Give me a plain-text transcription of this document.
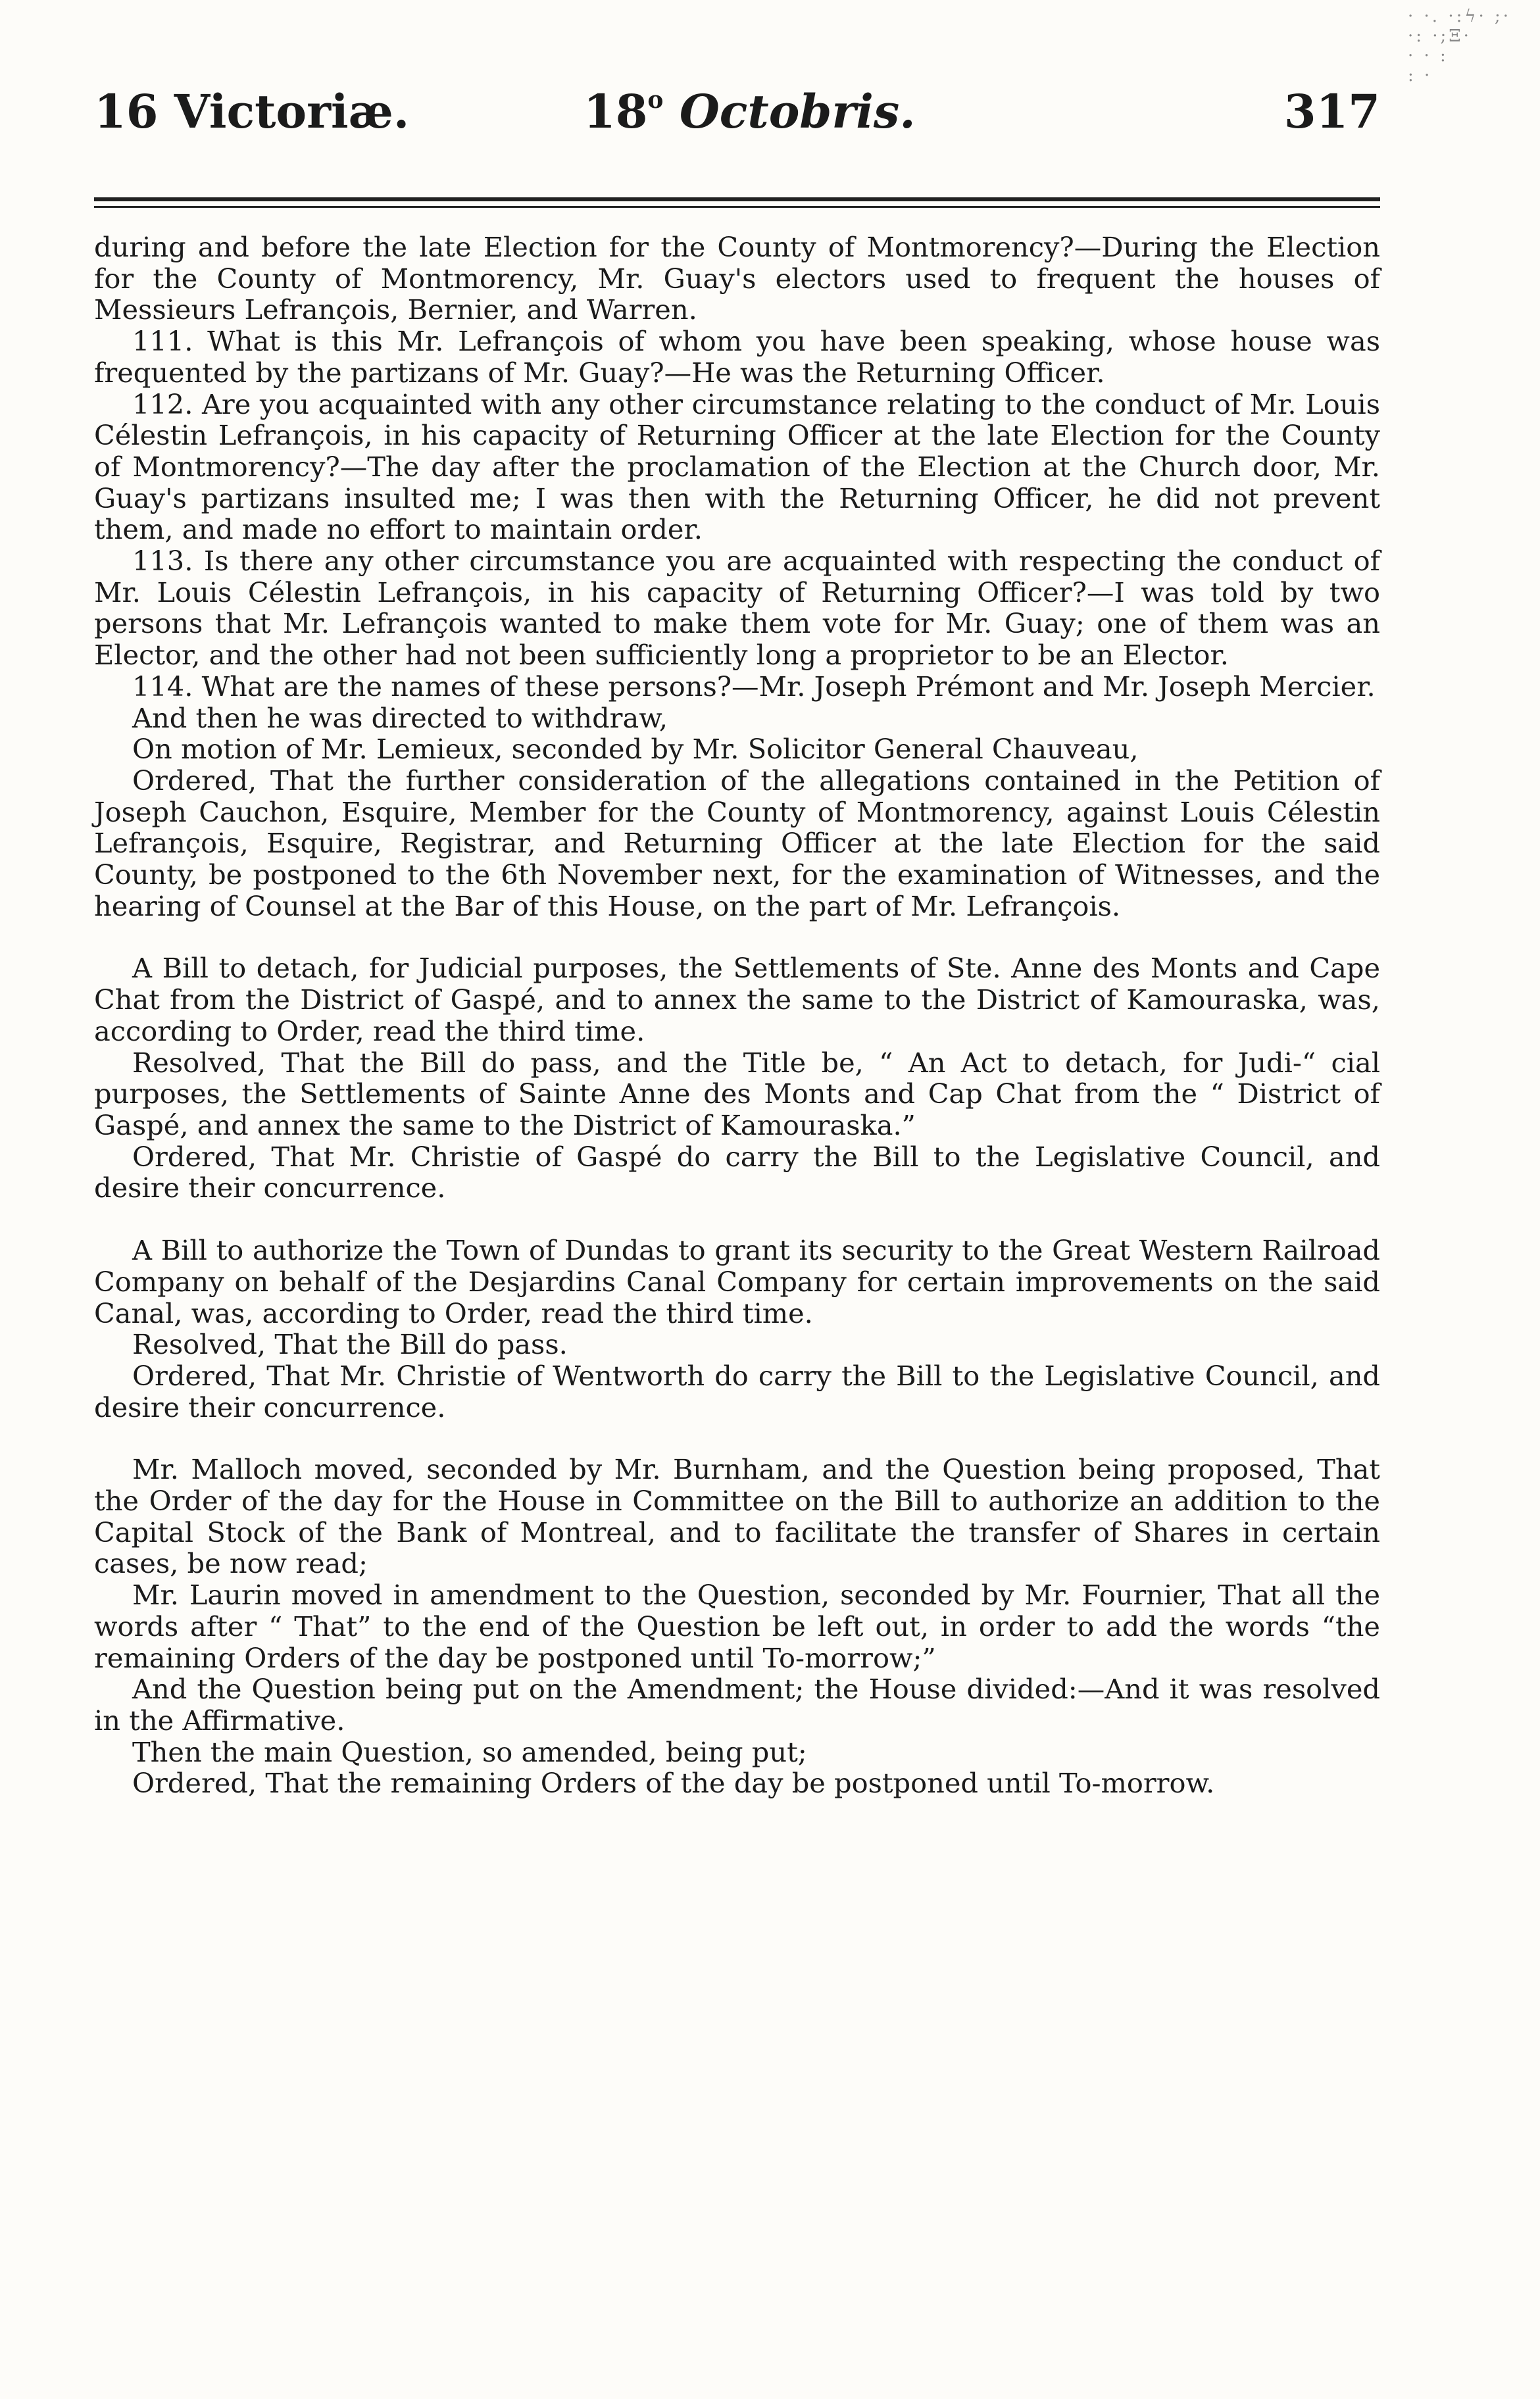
· ·. ·:ϟ· ;·
·: ·;Ξ·
· · :
: ·
16 Victoriæ.	18$^o$ Octobris.	317

during and before the late Election for the County of Montmorency?—During the Election for the County of Montmorency, Mr. Guay's electors used to frequent the houses of Messieurs Lefrançois, Bernier, and Warren.

111. What is this Mr. Lefrançois of whom you have been speaking, whose house was frequented by the partizans of Mr. Guay?—He was the Returning Officer.

112. Are you acquainted with any other circumstance relating to the conduct of Mr. Louis Célestin Lefrançois, in his capacity of Returning Officer at the late Election for the County of Montmorency?—The day after the proclamation of the Election at the Church door, Mr. Guay's partizans insulted me; I was then with the Returning Officer, he did not prevent them, and made no effort to maintain order.

113. Is there any other circumstance you are acquainted with respecting the conduct of Mr. Louis Célestin Lefrançois, in his capacity of Returning Officer?—I was told by two persons that Mr. Lefrançois wanted to make them vote for Mr. Guay; one of them was an Elector, and the other had not been sufficiently long a proprietor to be an Elector.

114. What are the names of these persons?—Mr. Joseph Prémont and Mr. Joseph Mercier.

And then he was directed to withdraw,

On motion of Mr. Lemieux, seconded by Mr. Solicitor General Chauveau,

Ordered, That the further consideration of the allegations contained in the Petition of Joseph Cauchon, Esquire, Member for the County of Montmorency, against Louis Célestin Lefrançois, Esquire, Registrar, and Returning Officer at the late Election for the said County, be postponed to the 6th November next, for the examination of Witnesses, and the hearing of Counsel at the Bar of this House, on the part of Mr. Lefrançois.

A Bill to detach, for Judicial purposes, the Settlements of Ste. Anne des Monts and Cape Chat from the District of Gaspé, and to annex the same to the District of Kamouraska, was, according to Order, read the third time.

Resolved, That the Bill do pass, and the Title be, “ An Act to detach, for Judi-“ cial purposes, the Settlements of Sainte Anne des Monts and Cap Chat from the “ District of Gaspé, and annex the same to the District of Kamouraska.”

Ordered, That Mr. Christie of Gaspé do carry the Bill to the Legislative Council, and desire their concurrence.

A Bill to authorize the Town of Dundas to grant its security to the Great Western Railroad Company on behalf of the Desjardins Canal Company for certain improvements on the said Canal, was, according to Order, read the third time.

Resolved, That the Bill do pass.

Ordered, That Mr. Christie of Wentworth do carry the Bill to the Legislative Council, and desire their concurrence.

Mr. Malloch moved, seconded by Mr. Burnham, and the Question being proposed, That the Order of the day for the House in Committee on the Bill to authorize an addition to the Capital Stock of the Bank of Montreal, and to facilitate the transfer of Shares in certain cases, be now read;

Mr. Laurin moved in amendment to the Question, seconded by Mr. Fournier, That all the words after “ That” to the end of the Question be left out, in order to add the words “the remaining Orders of the day be postponed until To-morrow;”

And the Question being put on the Amendment; the House divided:—And it was resolved in the Affirmative.

Then the main Question, so amended, being put;

Ordered, That the remaining Orders of the day be postponed until To-morrow.
